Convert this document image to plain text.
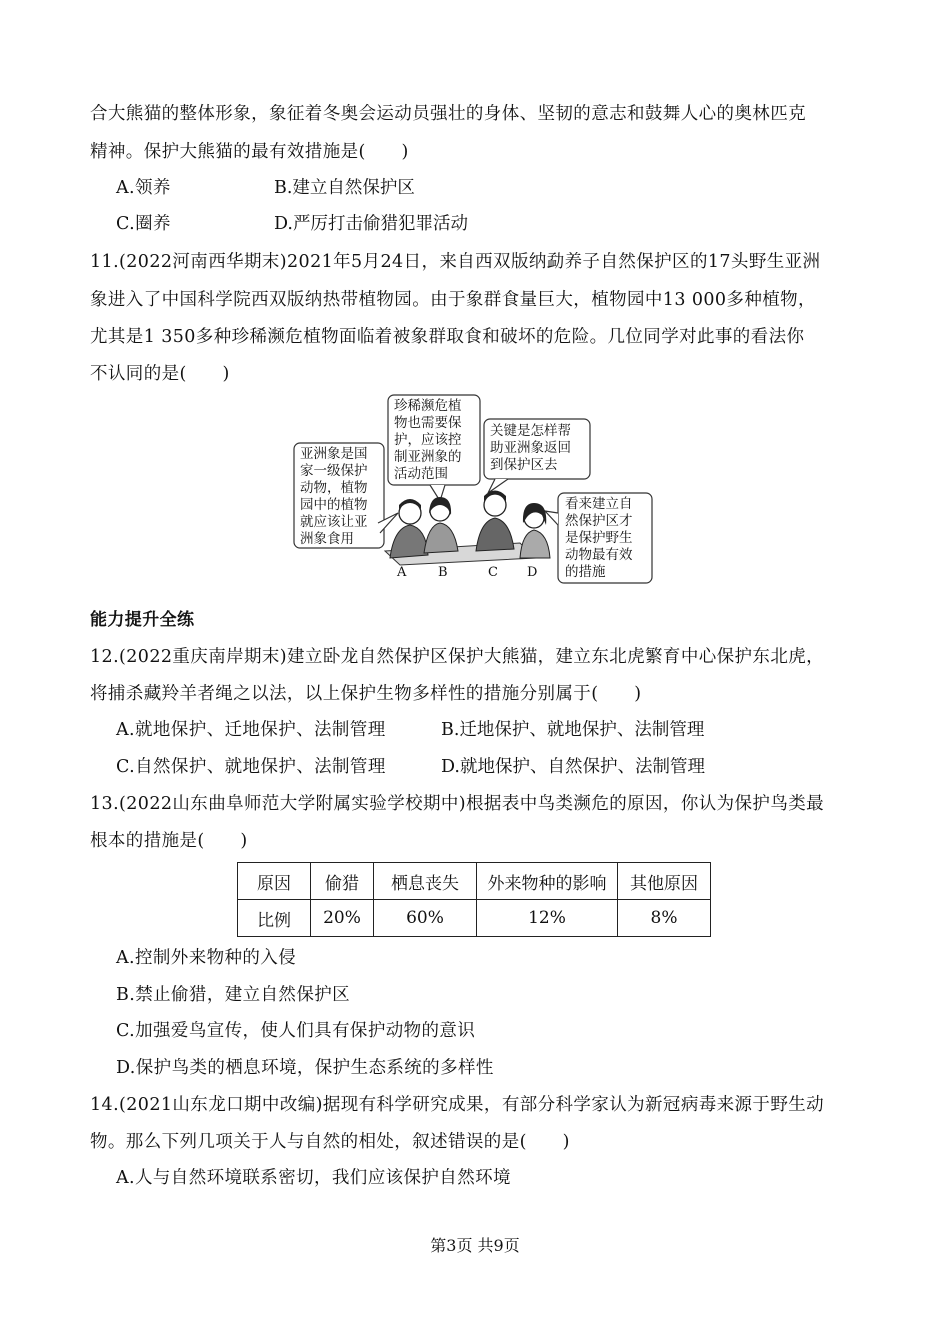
合大熊猫的整体形象，象征着冬奥会运动员强壮的身体、坚韧的意志和鼓舞人心的奥林匹克
精神。保护大熊猫的最有效措施是(　　)
A.领养	B.建立自然保护区
C.圈养	D.严厉打击偷猎犯罪活动
11.(2022河南西华期末)2021年5月24日，来自西双版纳勐养子自然保护区的17头野生亚洲
象进入了中国科学院西双版纳热带植物园。由于象群食量巨大，植物园中13 000多种植物，
尤其是1 350多种珍稀濒危植物面临着被象群取食和破坏的危险。几位同学对此事的看法你
不认同的是(　　)
亚洲象是国
家一级保护
动物，植物
园中的植物
就应该让亚
洲象食用
珍稀濒危植
物也需要保
护，应该控
制亚洲象的
活动范围
关键是怎样帮
助亚洲象返回
到保护区去
看来建立自
然保护区才
是保护野生
动物最有效
的措施
A B	C D
能力提升全练
12.(2022重庆南岸期末)建立卧龙自然保护区保护大熊猫，建立东北虎繁育中心保护东北虎，
将捕杀藏羚羊者绳之以法，以上保护生物多样性的措施分别属于(　　)
A.就地保护、迁地保护、法制管理	B.迁地保护、就地保护、法制管理
C.自然保护、就地保护、法制管理	D.就地保护、自然保护、法制管理
13.(2022山东曲阜师范大学附属实验学校期中)根据表中鸟类濒危的原因，你认为保护鸟类最
根本的措施是(　　)
原因	偷猎	栖息丧失	外来物种的影响	其他原因
比例	20%	60%	12%	8%
A.控制外来物种的入侵
B.禁止偷猎，建立自然保护区
C.加强爱鸟宣传，使人们具有保护动物的意识
D.保护鸟类的栖息环境，保护生态系统的多样性
14.(2021山东龙口期中改编)据现有科学研究成果，有部分科学家认为新冠病毒来源于野生动
物。那么下列几项关于人与自然的相处，叙述错误的是(　　)
A.人与自然环境联系密切，我们应该保护自然环境
第3页 共9页
